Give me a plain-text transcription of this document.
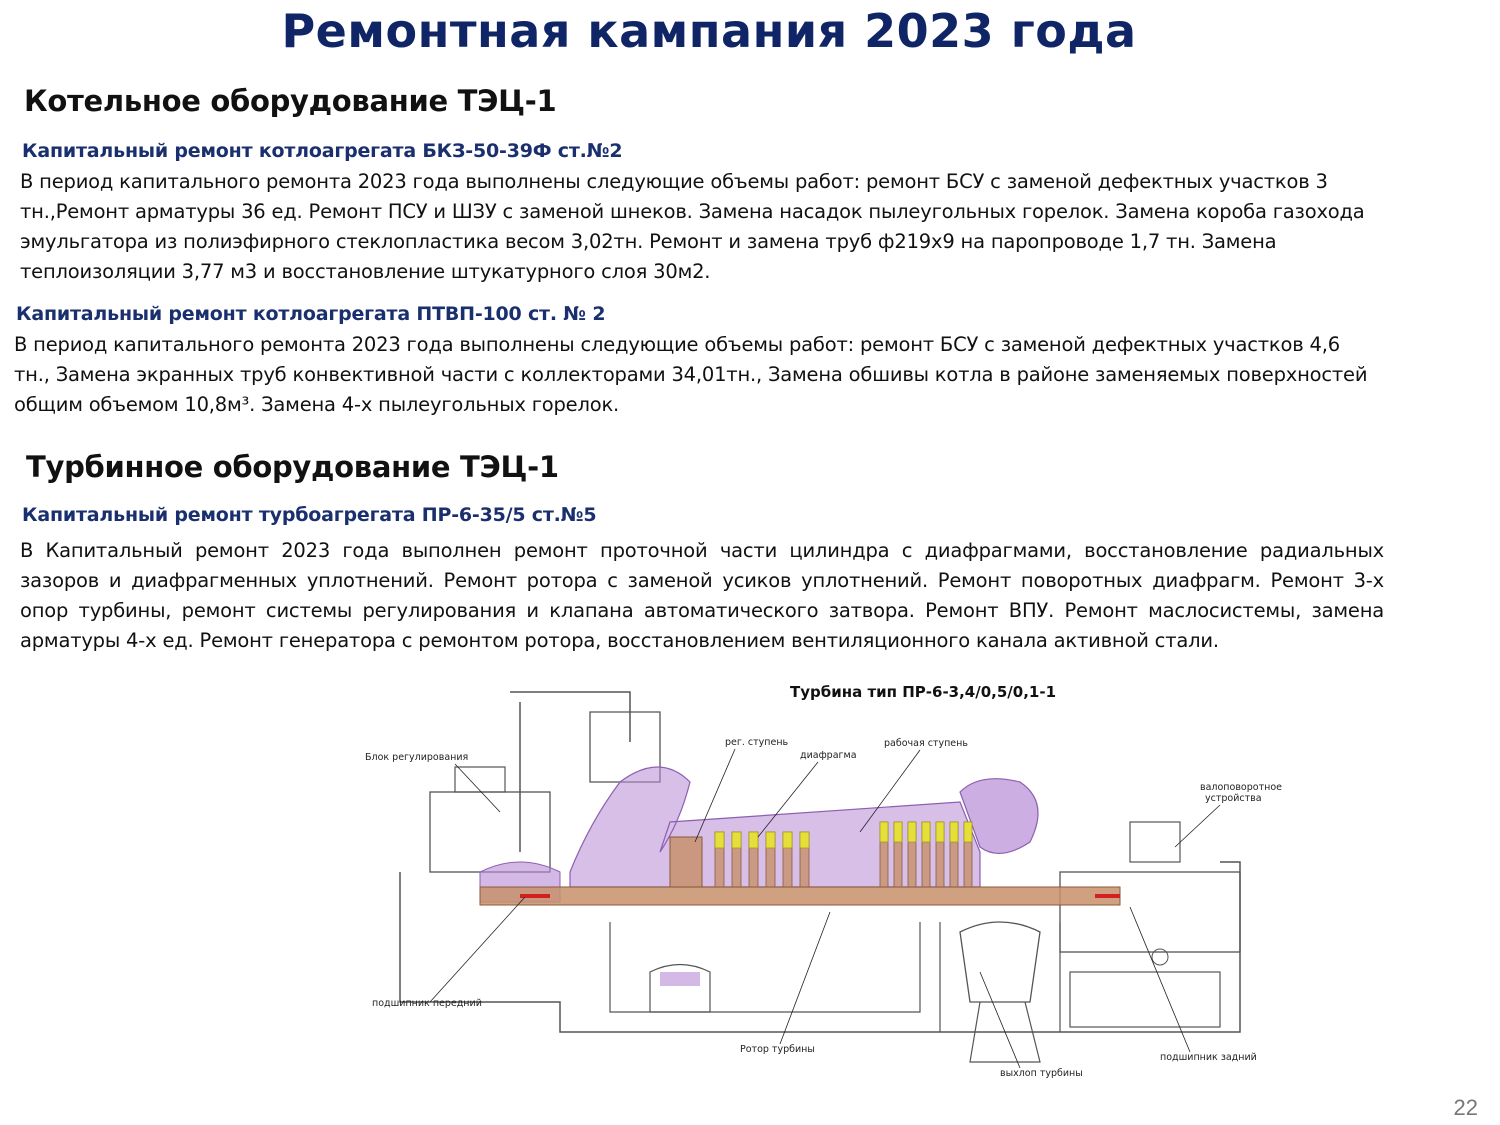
Ремонтная кампания 2023 года
Котельное оборудование ТЭЦ-1
Капитальный ремонт котлоагрегата БКЗ-50-39Ф ст.№2
В период капитального ремонта 2023 года выполнены следующие объемы работ: ремонт БСУ с заменой дефектных участков 3
тн.,Ремонт арматуры 36 ед. Ремонт ПСУ и ШЗУ с заменой шнеков. Замена насадок пылеугольных горелок. Замена короба газохода
эмульгатора из полиэфирного стеклопластика весом 3,02тн. Ремонт и замена труб ф219х9 на паропроводе 1,7 тн. Замена
теплоизоляции 3,77 м3 и восстановление штукатурного слоя 30м2.
Капитальный ремонт котлоагрегата ПТВП-100 ст. № 2
В период капитального ремонта 2023 года выполнены следующие объемы работ: ремонт БСУ с заменой дефектных участков 4,6
тн., Замена экранных труб конвективной части с коллекторами 34,01тн., Замена обшивы котла в районе заменяемых поверхностей
общим объемом 10,8м³. Замена 4-х пылеугольных горелок.
Турбинное оборудование ТЭЦ-1
Капитальный ремонт турбоагрегата ПР-6-35/5 ст.№5
В Капитальный ремонт 2023 года выполнен ремонт проточной части цилиндра с диафрагмами, восстановление радиальных зазоров и диафрагменных уплотнений. Ремонт ротора с заменой усиков уплотнений. Ремонт поворотных диафрагм. Ремонт 3-х опор турбины, ремонт системы регулирования и клапана автоматического затвора. Ремонт ВПУ. Ремонт маслосистемы, замена арматуры 4-х ед. Ремонт генератора с ремонтом ротора, восстановлением вентиляционного канала активной стали.
Турбина тип ПР-6-3,4/0,5/0,1-1
Блок регулирования
рег. ступень
диафрагма
рабочая ступень
валоповоротное
устройства
подшипник передний
Ротор турбины
выхлоп турбины
подшипник задний
22
